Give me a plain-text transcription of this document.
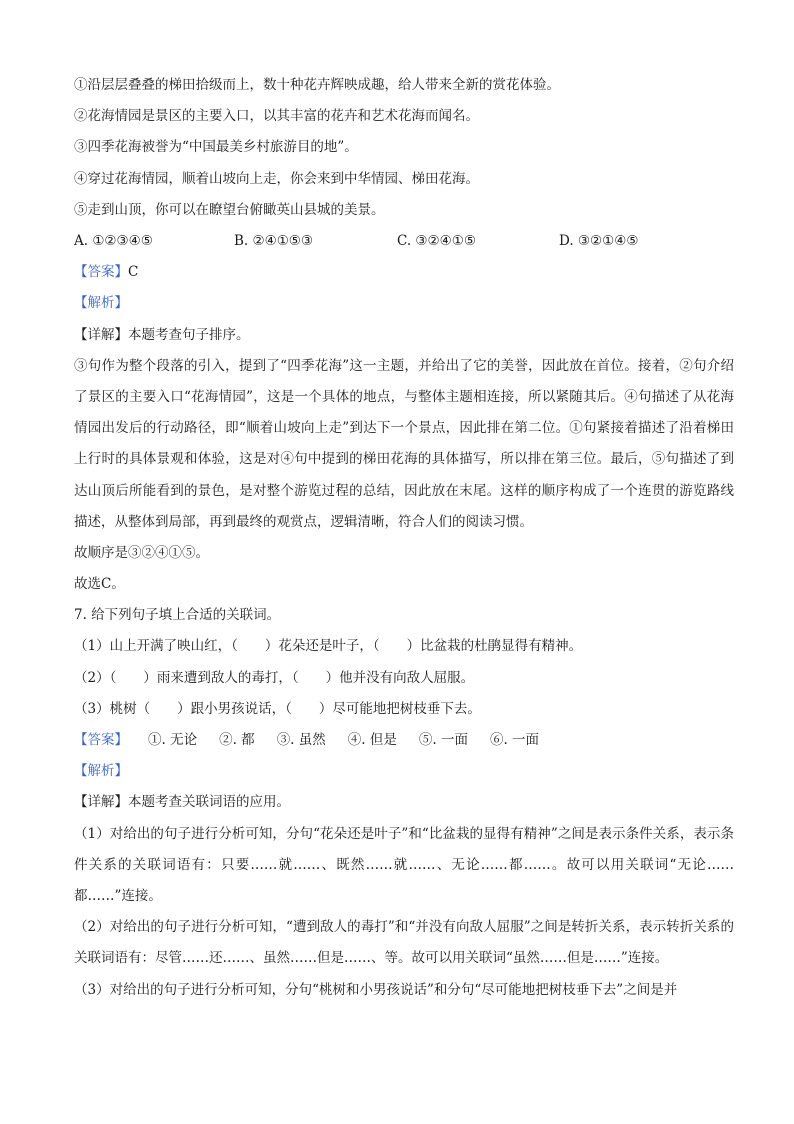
①沿层层叠叠的梯田拾级而上，数十种花卉辉映成趣，给人带来全新的赏花体验。
②花海情园是景区的主要入口，以其丰富的花卉和艺术花海而闻名。
③四季花海被誉为“中国最美乡村旅游目的地”。
④穿过花海情园，顺着山坡向上走，你会来到中华情园、梯田花海。
⑤走到山顶，你可以在瞭望台俯瞰英山县城的美景。
A. ①②③④⑤	B. ②④①⑤③	C. ③②④①⑤	D. ③②①④⑤
【答案】C
【解析】
【详解】本题考查句子排序。
③句作为整个段落的引入，提到了“四季花海”这一主题，并给出了它的美誉，因此放在首位。接着，②句介绍了景区的主要入口“花海情园”，这是一个具体的地点，与整体主题相连接，所以紧随其后。④句描述了从花海情园出发后的行动路径，即“顺着山坡向上走”到达下一个景点，因此排在第二位。①句紧接着描述了沿着梯田上行时的具体景观和体验，这是对④句中提到的梯田花海的具体描写，所以排在第三位。最后，⑤句描述了到达山顶后所能看到的景色，是对整个游览过程的总结，因此放在末尾。这样的顺序构成了一个连贯的游览路线描述，从整体到局部，再到最终的观赏点，逻辑清晰，符合人们的阅读习惯。
故顺序是③②④①⑤。
故选C。
7. 给下列句子填上合适的关联词。
（1）山上开满了映山红，（　　）花朵还是叶子，（　　）比盆栽的杜鹃显得有精神。
（2）（　　）雨来遭到敌人的毒打，（　　）他并没有向敌人屈服。
（3）桃树（　　）跟小男孩说话，（　　）尽可能地把树枝垂下去。
【答案】 ①. 无论 ②. 都 ③. 虽然 ④. 但是 ⑤. 一面 ⑥. 一面
【解析】
【详解】本题考查关联词语的应用。
（1）对给出的句子进行分析可知，分句“花朵还是叶子”和“比盆栽的显得有精神”之间是表示条件关系，表示条件关系的关联词语有：只要……就……、既然……就……、无论……都……。故可以用关联词“无论……都……”连接。
（2）对给出的句子进行分析可知，“遭到敌人的毒打”和“并没有向敌人屈服”之间是转折关系，表示转折关系的关联词语有：尽管……还……、虽然……但是……、等。故可以用关联词“虽然……但是……”连接。
（3）对给出的句子进行分析可知，分句“桃树和小男孩说话”和分句“尽可能地把树枝垂下去”之间是并
